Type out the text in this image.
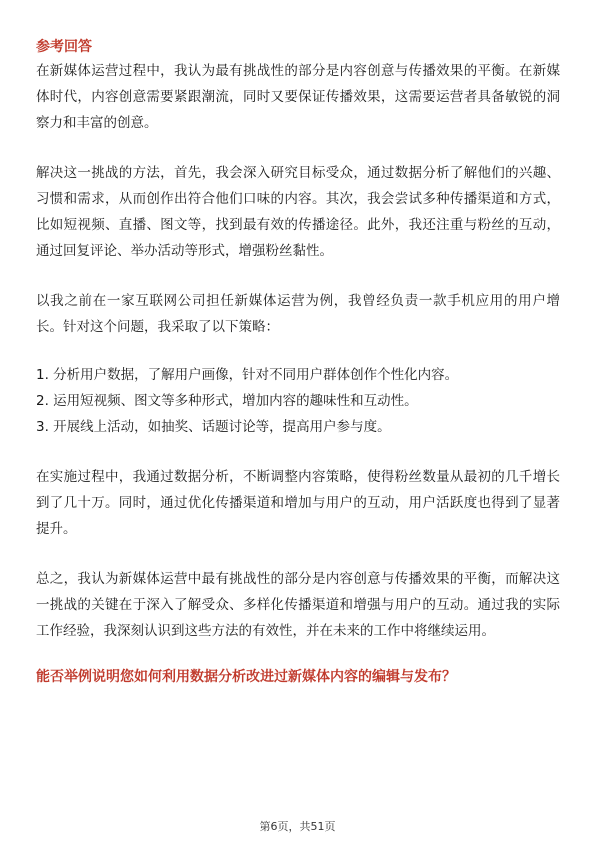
参考回答

在新媒体运营过程中，我认为最有挑战性的部分是内容创意与传播效果的平衡。在新媒体时代，内容创意需要紧跟潮流，同时又要保证传播效果，这需要运营者具备敏锐的洞察力和丰富的创意。

解决这一挑战的方法，首先，我会深入研究目标受众，通过数据分析了解他们的兴趣、习惯和需求，从而创作出符合他们口味的内容。其次，我会尝试多种传播渠道和方式，比如短视频、直播、图文等，找到最有效的传播途径。此外，我还注重与粉丝的互动，通过回复评论、举办活动等形式，增强粉丝黏性。

以我之前在一家互联网公司担任新媒体运营为例，我曾经负责一款手机应用的用户增长。针对这个问题，我采取了以下策略：

1. 分析用户数据，了解用户画像，针对不同用户群体创作个性化内容。

2. 运用短视频、图文等多种形式，增加内容的趣味性和互动性。

3. 开展线上活动，如抽奖、话题讨论等，提高用户参与度。

在实施过程中，我通过数据分析，不断调整内容策略，使得粉丝数量从最初的几千增长到了几十万。同时，通过优化传播渠道和增加与用户的互动，用户活跃度也得到了显著提升。

总之，我认为新媒体运营中最有挑战性的部分是内容创意与传播效果的平衡，而解决这一挑战的关键在于深入了解受众、多样化传播渠道和增强与用户的互动。通过我的实际工作经验，我深刻认识到这些方法的有效性，并在未来的工作中将继续运用。

能否举例说明您如何利用数据分析改进过新媒体内容的编辑与发布？

第6页，共51页
